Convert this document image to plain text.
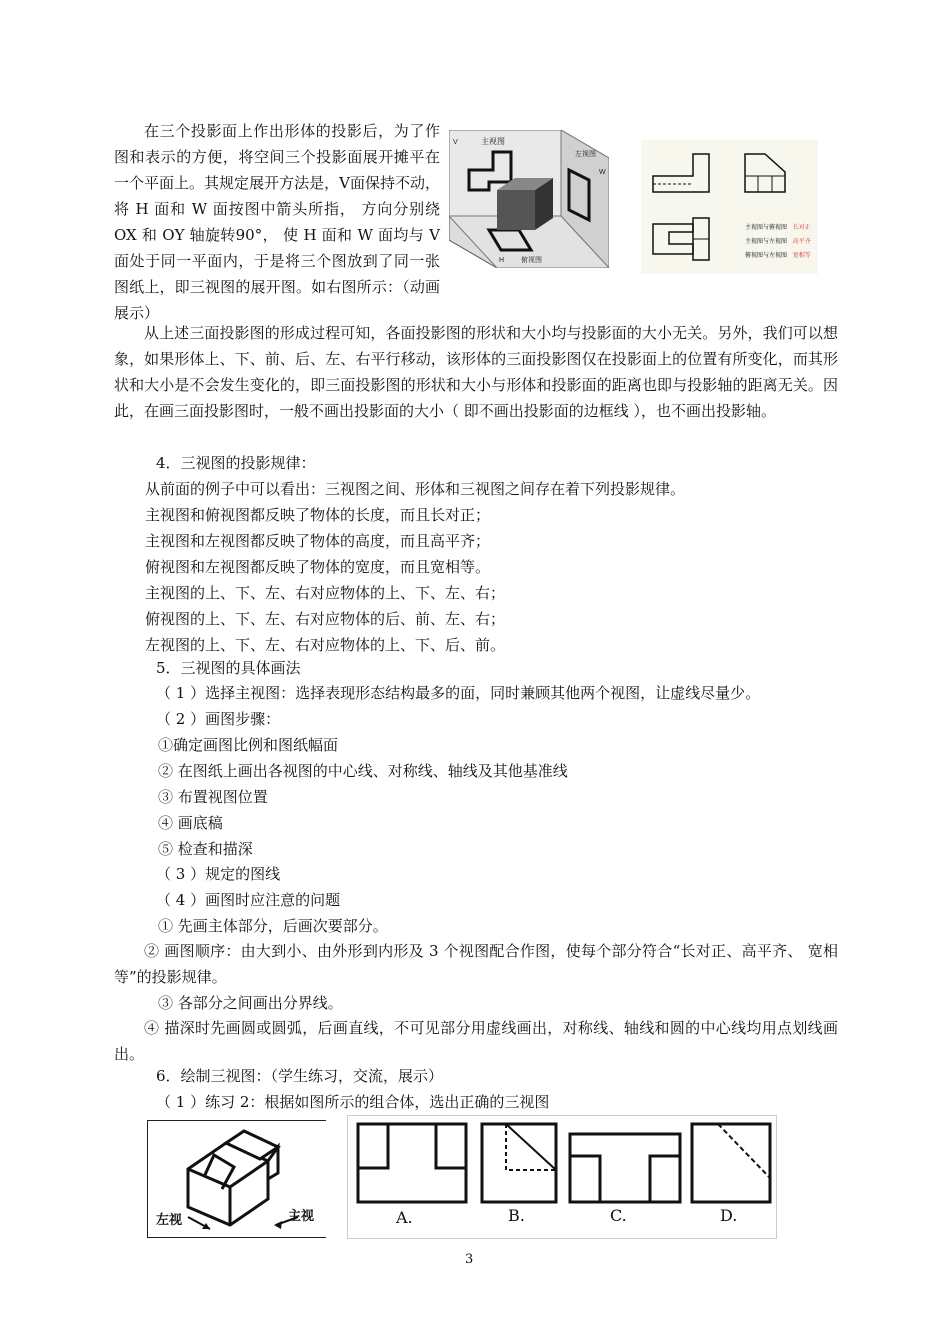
在三个投影面上作出形体的投影后，为了作图和表示的方便，将空间三个投影面展开摊平在一个平面上。其规定展开方法是，V面保持不动，将 H 面和 W 面按图中箭头所指， 方向分别绕 OX 和 OY 轴旋转90°， 使 H 面和 W 面均与 V 面处于同一平面内，于是将三个图放到了同一张图纸上，即三视图的展开图。如右图所示：（动画展示）

主视图
V
左视图
W
H 俯视图
主视图与俯视图 长对正
主视图与左视图 高平齐
俯视图与左视图 宽相等

从上述三面投影图的形成过程可知，各面投影图的形状和大小均与投影面的大小无关。另外，我们可以想象，如果形体上、下、前、后、左、右平行移动，该形体的三面投影图仅在投影面上的位置有所变化，而其形状和大小是不会发生变化的，即三面投影图的形状和大小与形体和投影面的距离也即与投影轴的距离无关。因此，在画三面投影图时，一般不画出投影面的大小（ 即不画出投影面的边框线 ），也不画出投影轴。

4．三视图的投影规律：
从前面的例子中可以看出：三视图之间、形体和三视图之间存在着下列投影规律。
主视图和俯视图都反映了物体的长度，而且长对正；
主视图和左视图都反映了物体的高度，而且高平齐；
俯视图和左视图都反映了物体的宽度，而且宽相等。
主视图的上、下、左、右对应物体的上、下、左、右；
俯视图的上、下、左、右对应物体的后、前、左、右；
左视图的上、下、左、右对应物体的上、下、后、前。
5．三视图的具体画法
（ 1 ）选择主视图：选择表现形态结构最多的面，同时兼顾其他两个视图，让虚线尽量少。
（ 2 ）画图步骤：
①确定画图比例和图纸幅面
② 在图纸上画出各视图的中心线、对称线、轴线及其他基准线
③ 布置视图位置
④ 画底稿
⑤ 检查和描深
（ 3 ）规定的图线
（ 4 ）画图时应注意的问题
① 先画主体部分，后画次要部分。

② 画图顺序：由大到小、由外形到内形及 3 个视图配合作图，使每个部分符合“长对正、高平齐、 宽相等”的投影规律。

③ 各部分之间画出分界线。

④ 描深时先画圆或圆弧，后画直线，不可见部分用虚线画出，对称线、轴线和圆的中心线均用点划线画出。

6．绘制三视图：（学生练习，交流，展示）
（ 1 ）练习 2：根据如图所示的组合体，选出正确的三视图
左视	主视	A.	B.	C.	D.
3
